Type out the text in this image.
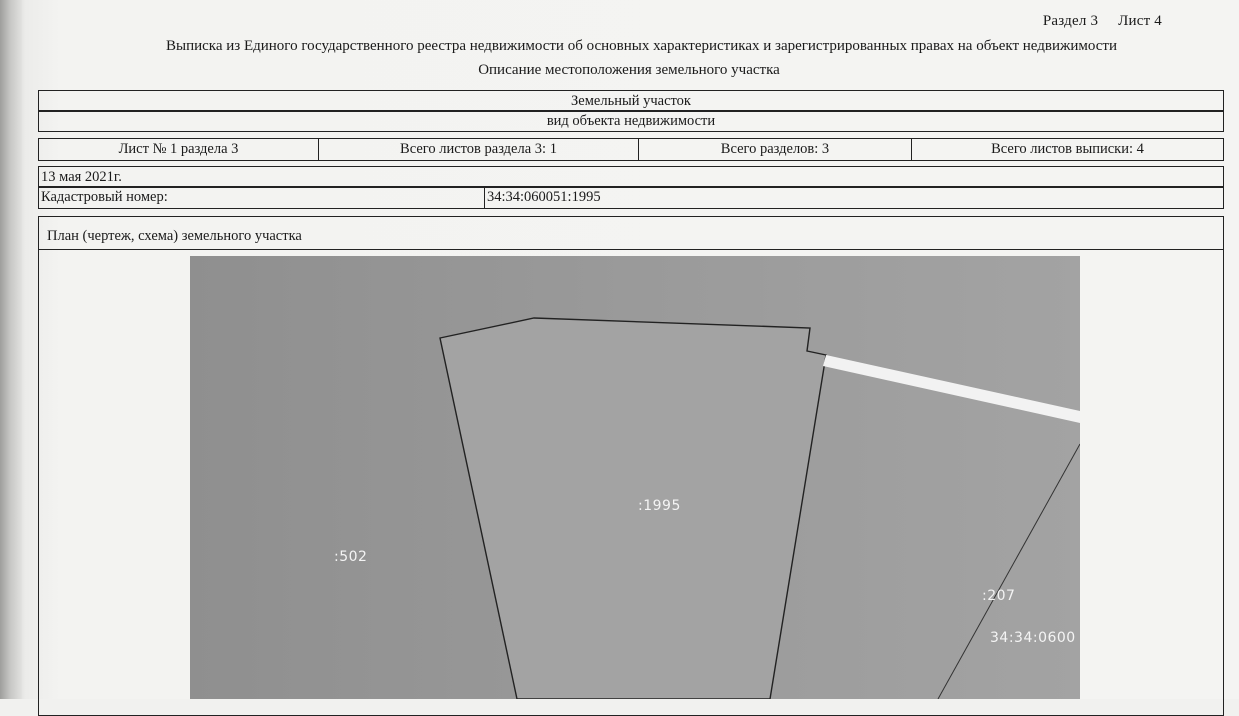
Раздел 3 Лист 4
Выписка из Единого государственного реестра недвижимости об основных характеристиках и зарегистрированных правах на объект недвижимости
Описание местоположения земельного участка
Земельный участок
вид объекта недвижимости
Лист № 1 раздела 3	Всего листов раздела 3: 1	Всего разделов: 3	Всего листов выписки: 4
13 мая 2021г.
Кадастровый номер:	34:34:060051:1995
План (чертеж, схема) земельного участка
:1995
:502
:207
34:34:0600
